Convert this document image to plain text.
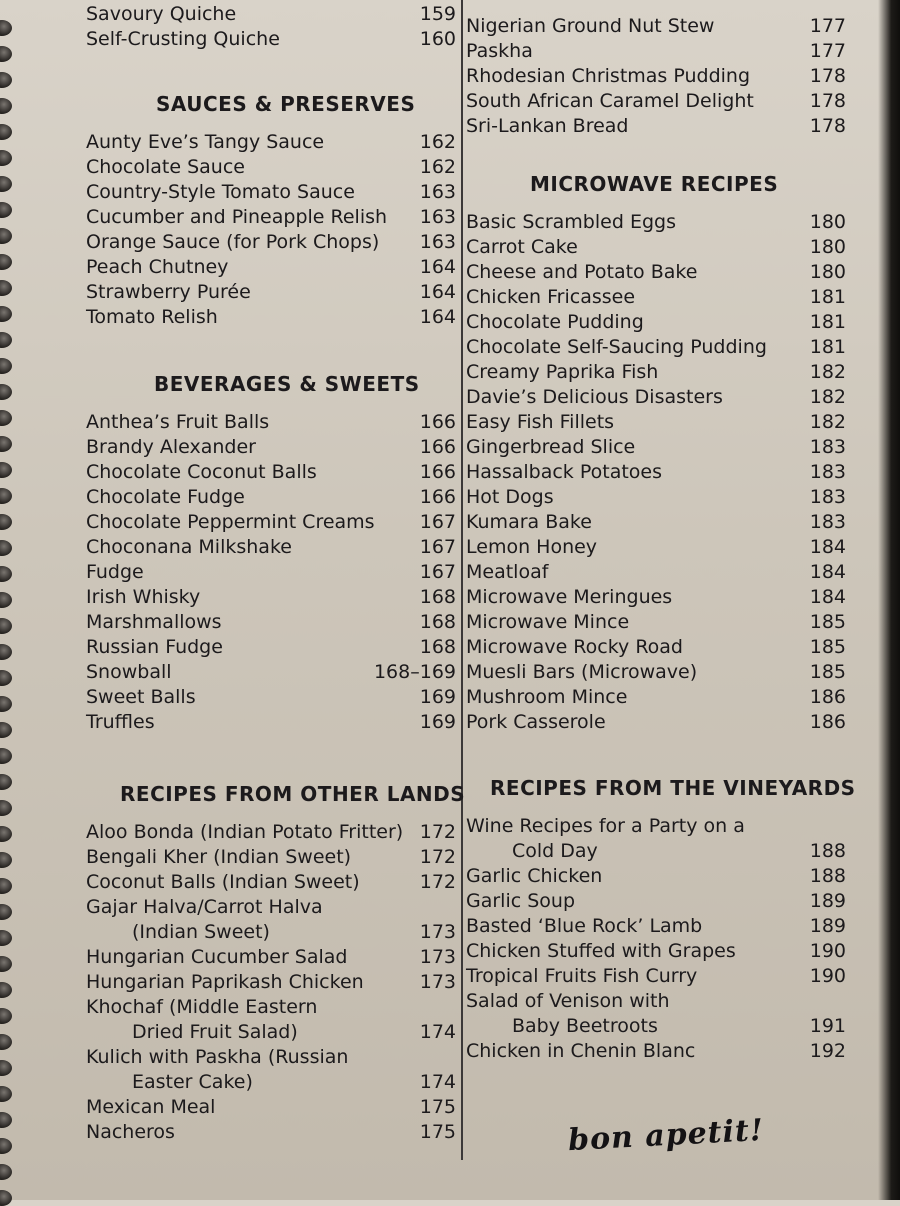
Savoury Quiche	159
Self-Crusting Quiche	160
SAUCES & PRESERVES
Aunty Eve’s Tangy Sauce	162
Chocolate Sauce	162
Country-Style Tomato Sauce	163
Cucumber and Pineapple Relish 163
Orange Sauce (for Pork Chops) 163
Peach Chutney	164
Strawberry Purée	164
Tomato Relish	164
BEVERAGES & SWEETS
Anthea’s Fruit Balls	166
Brandy Alexander	166
Chocolate Coconut Balls	166
Chocolate Fudge	166
Chocolate Peppermint Creams 167
Choconana Milkshake	167
Fudge	167
Irish Whisky	168
Marshmallows	168
Russian Fudge	168
Snowball	168–169
Sweet Balls	169
Truffles	169
RECIPES FROM OTHER LANDS
Aloo Bonda (Indian Potato Fritter) 172
Bengali Kher (Indian Sweet)	172
Coconut Balls (Indian Sweet)	172
Gajar Halva/Carrot Halva
(Indian Sweet)	173
Hungarian Cucumber Salad	173
Hungarian Paprikash Chicken	173
Khochaf (Middle Eastern
Dried Fruit Salad)	174
Kulich with Paskha (Russian
Easter Cake)	174
Mexican Meal	175
Nacheros	175
Nigerian Ground Nut Stew	177
Paskha	177
Rhodesian Christmas Pudding	178
South African Caramel Delight	178
Sri-Lankan Bread	178
MICROWAVE RECIPES
Basic Scrambled Eggs	180
Carrot Cake	180
Cheese and Potato Bake	180
Chicken Fricassee	181
Chocolate Pudding	181
Chocolate Self-Saucing Pudding 181
Creamy Paprika Fish	182
Davie’s Delicious Disasters	182
Easy Fish Fillets	182
Gingerbread Slice	183
Hassalback Potatoes	183
Hot Dogs	183
Kumara Bake	183
Lemon Honey	184
Meatloaf	184
Microwave Meringues	184
Microwave Mince	185
Microwave Rocky Road	185
Muesli Bars (Microwave)	185
Mushroom Mince	186
Pork Casserole	186
RECIPES FROM THE VINEYARDS
Wine Recipes for a Party on a
Cold Day	188
Garlic Chicken	188
Garlic Soup	189
Basted ‘Blue Rock’ Lamb	189
Chicken Stuffed with Grapes	190
Tropical Fruits Fish Curry	190
Salad of Venison with
Baby Beetroots	191
Chicken in Chenin Blanc	192
bon apetit!
